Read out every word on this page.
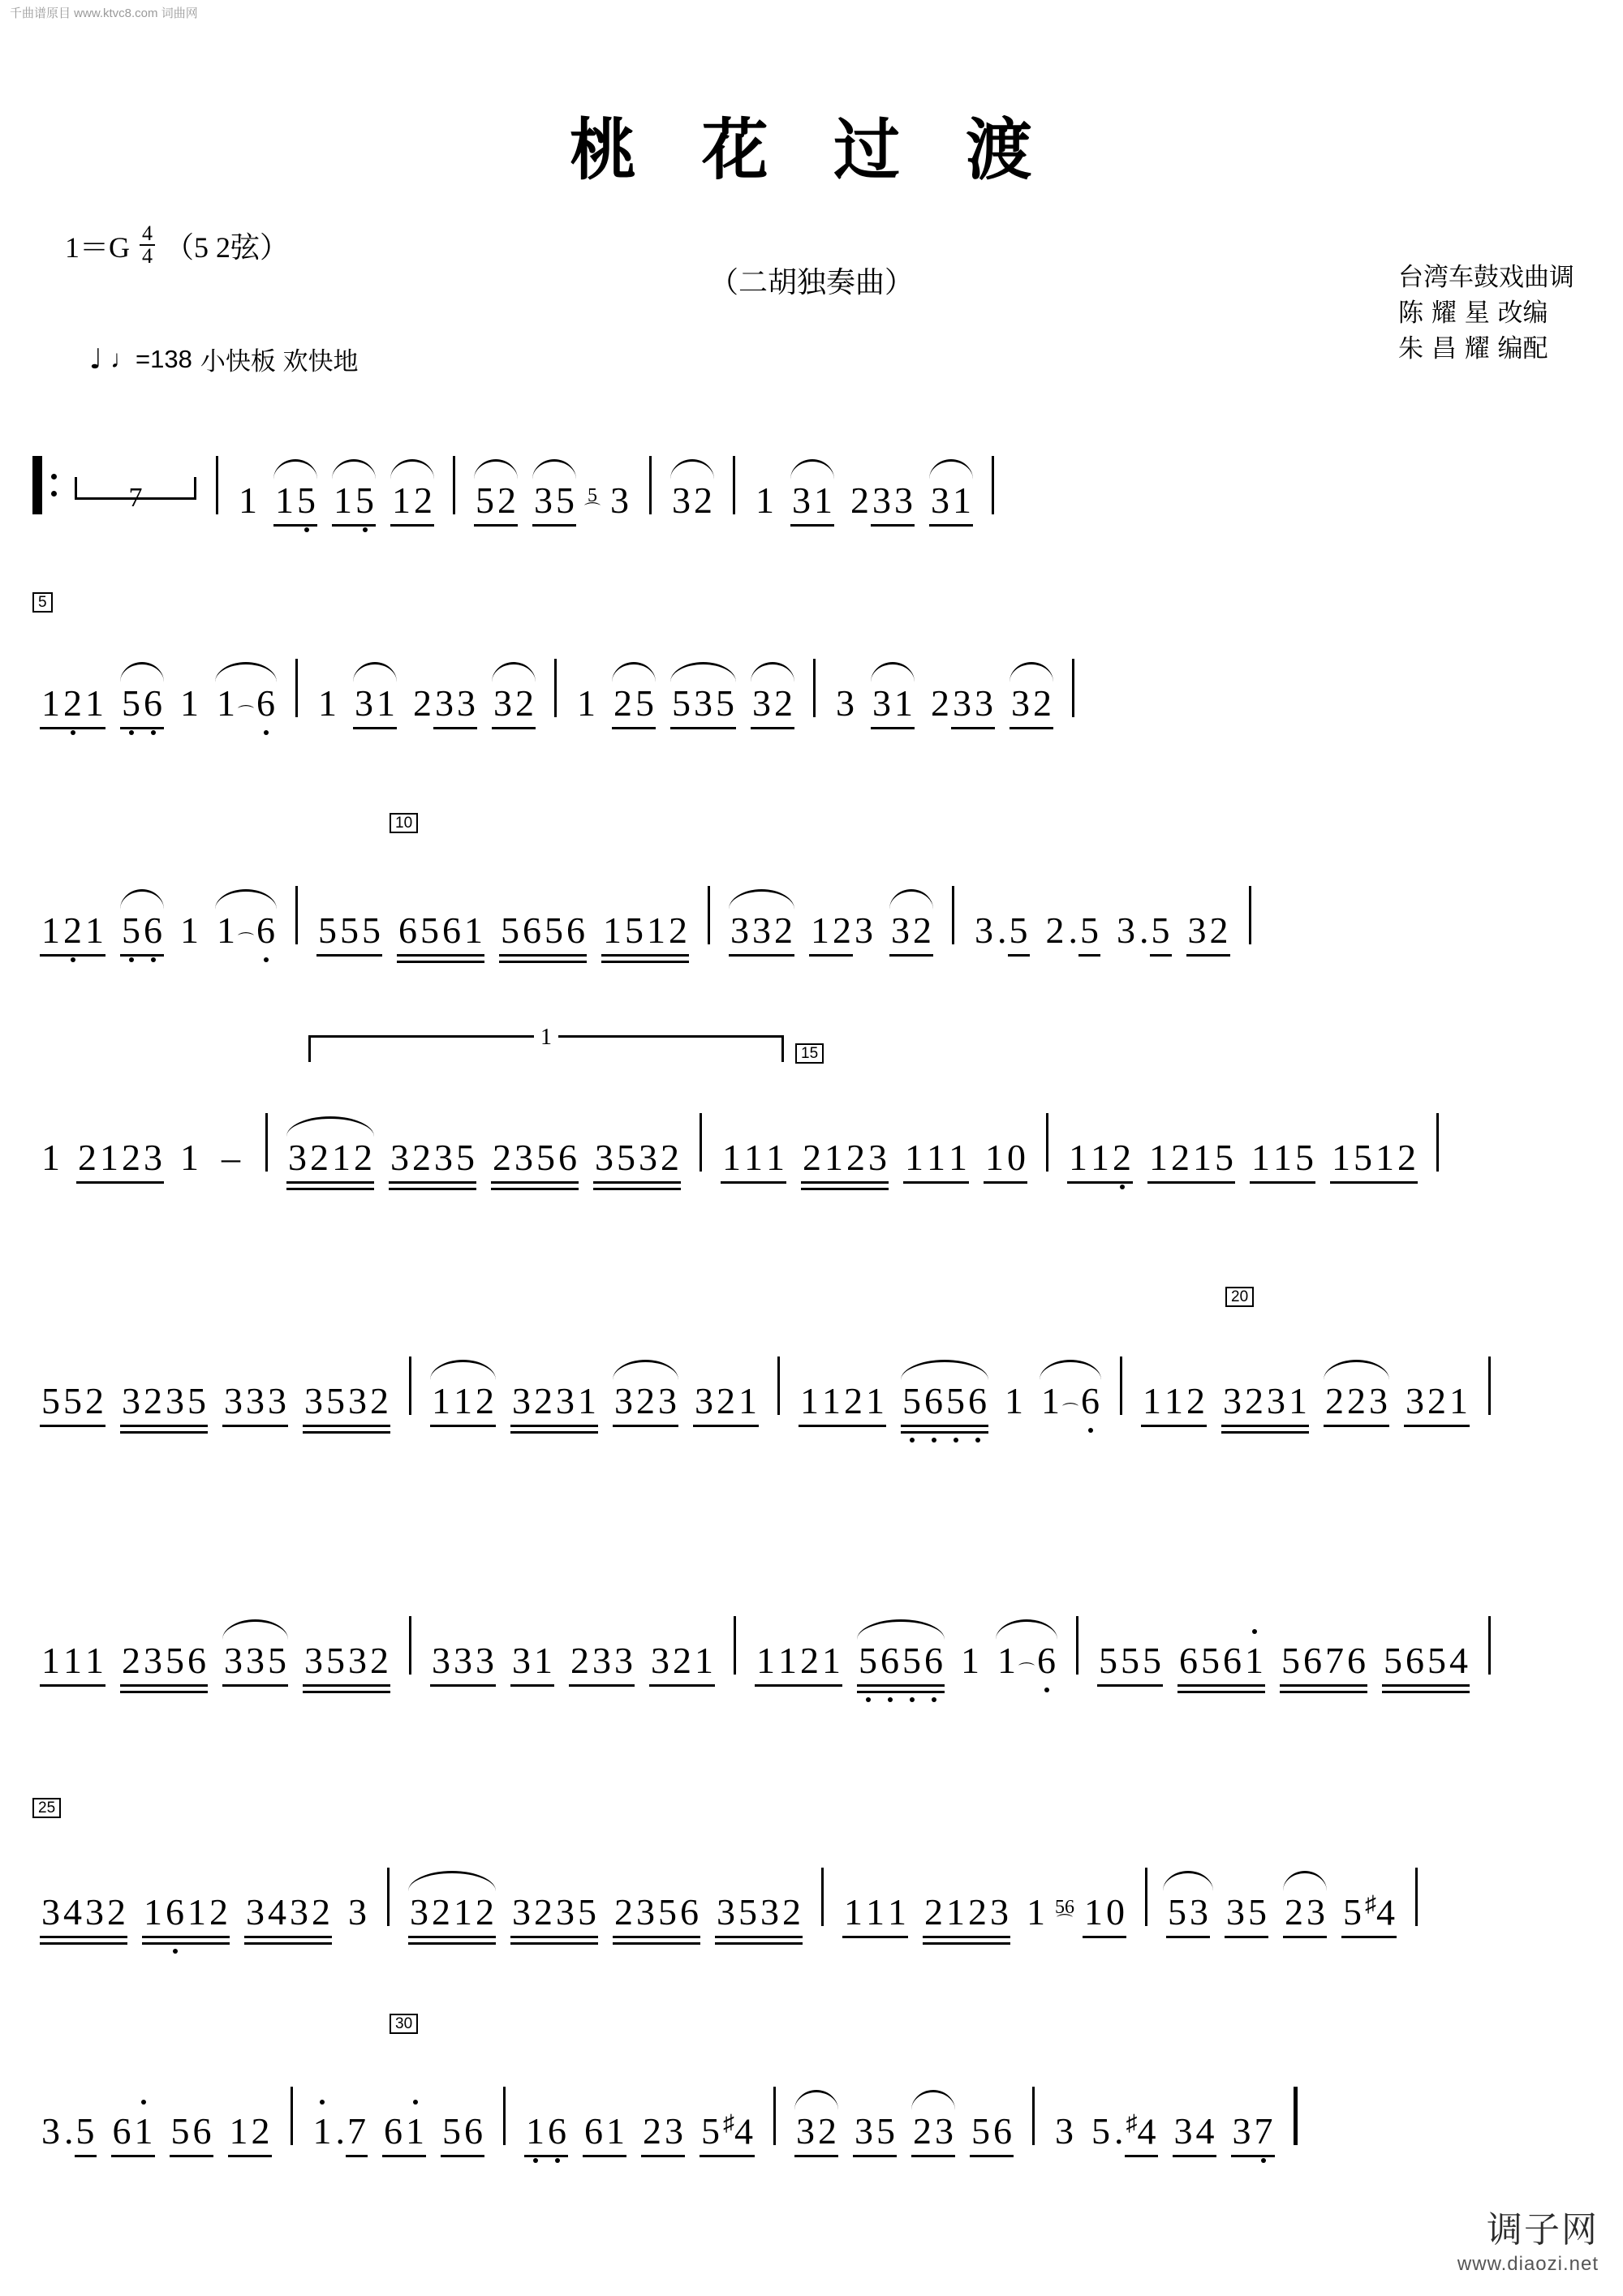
千曲谱原目 www.ktvc8.com 词曲网
调子网
www.diaozi.net
桃 花 过 渡
（二胡独奏曲）
$1=G \frac{4}{4} (5$ 2弦）
♩ ♩=138 小快板 欢快地
台湾车鼓戏曲调
陈 耀 星 改编
朱 昌 耀 编配
7	1 1 5 1 5 1 2 5 2 3 5 5
⌒ 3 3 2 1 3 1 2 3 3 3 1
5
1 2 1 5 6 1 1 ⌒ 6 1 3 1 2 3 3 3 2 1 2 5 5 3 5 3 2 3 3 1 2 3 3 3 2
10
1 2 1 5 6 1 1 ⌒ 6 5 5 5 6 5 6 1 5 6 5 6 1 5 1 2 3 3 2 1 2 3 3 2 3 . 5 2 . 5 3 . 5 3 2
15
1
1 2 1 2 3 1 – 3 2 1 2 3 2 3 5 2 3 5 6 3 5 3 2 1 1 1 2 1 2 3 1 1 1 1 0 1 1 2 1 2 1 5 1 1 5 1 5 1 2
20
5 5 2 3 2 3 5 3 3 3 3 5 3 2 1 1 2 3 2 3 1 3 2 3 3 2 1 1 1 2 1 5 6 5 6 1 1 ⌒ 6 1 1 2 3 2 3 1 2 2 3 3 2 1
1 1 1 2 3 5 6 3 3 5 3 5 3 2 3 3 3 3 1 2 3 3 3 2 1 1 1 2 1 5 6 5 6 1 1 ⌒ 6 5 5 5 6 5 6 1 5 6 7 6 5 6 5 4
25
3 4 3 2 1 6 1 2 3 4 3 2 3 3 2 1 2 3 2 3 5 2 3 5 6 3 5 3 2 1 1 1 2 1 2 3 1 56
⌒ 1 0 5 3 3 5 2 3 5 ♯4
30
3 . 5 6 1 5 6 1 2 1 . 7 6 1 5 6 1 6 6 1 2 3 5 ♯4 3 2 3 5 2 3 5 6 3 5 . ♯4 3 4 3 7
